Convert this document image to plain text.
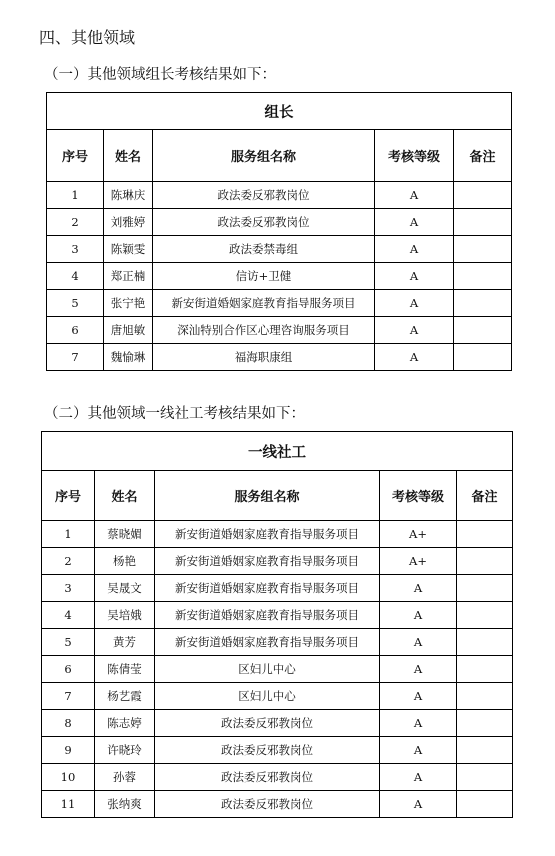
四、其他领域
（一）其他领域组长考核结果如下：
组长				
序号	姓名	服务组名称	考核等级	备注
1	陈琳庆	政法委反邪教岗位	A	
2	刘雅婷	政法委反邪教岗位	A	
3	陈颖雯	政法委禁毒组	A	
4	郑正楠	信访+卫健	A	
5	张宁艳	新安街道婚姻家庭教育指导服务项目	A	
6	唐旭敏	深汕特别合作区心理咨询服务项目	A	
7	魏愉琳	福海职康组	A	
（二）其他领域一线社工考核结果如下：
一线社工				
序号	姓名	服务组名称	考核等级	备注
1	蔡晓媚	新安街道婚姻家庭教育指导服务项目	A+	
2	杨艳	新安街道婚姻家庭教育指导服务项目	A+	
3	吴晟文	新安街道婚姻家庭教育指导服务项目	A	
4	吴培娥	新安街道婚姻家庭教育指导服务项目	A	
5	黄芳	新安街道婚姻家庭教育指导服务项目	A	
6	陈倩莹	区妇儿中心	A	
7	杨艺霞	区妇儿中心	A	
8	陈志婷	政法委反邪教岗位	A	
9	许晓玲	政法委反邪教岗位	A	
10	孙蓉	政法委反邪教岗位	A	
11	张纳爽	政法委反邪教岗位	A	
